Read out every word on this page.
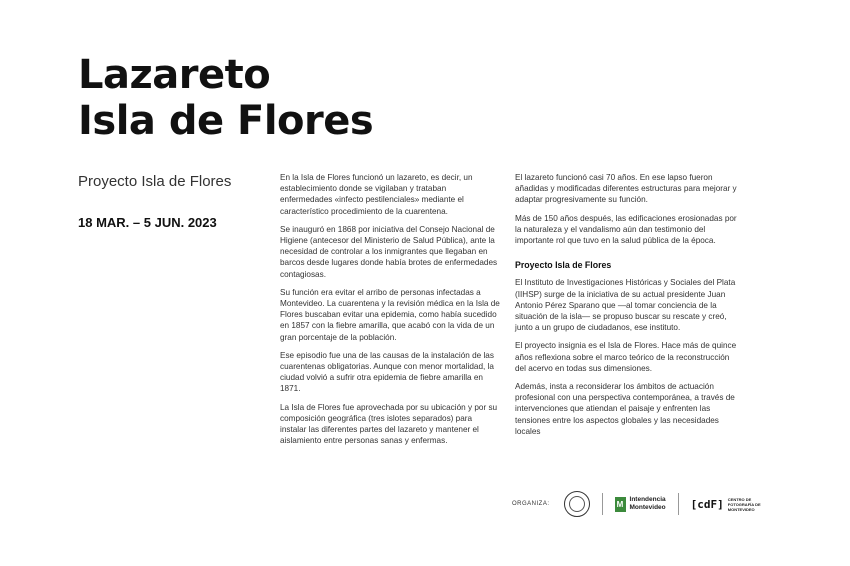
Lazareto
Isla de Flores
Proyecto Isla de Flores
18 MAR. – 5 JUN. 2023

En la Isla de Flores funcionó un lazareto, es decir, un establecimiento donde se vigilaban y trataban enfermedades «infecto pestilenciales» mediante el característico procedimiento de la cuarentena.

Se inauguró en 1868 por iniciativa del Consejo Nacional de Higiene (antecesor del Ministerio de Salud Pública), ante la necesidad de controlar a los inmigrantes que llegaban en barcos desde lugares donde había brotes de enfermedades contagiosas.

Su función era evitar el arribo de personas infectadas a Montevideo. La cuarentena y la revisión médica en la Isla de Flores buscaban evitar una epidemia, como había sucedido en 1857 con la fiebre amarilla, que acabó con la vida de un gran porcentaje de la población.

Ese episodio fue una de las causas de la instalación de las cuarentenas obligatorias. Aunque con menor mortalidad, la ciudad volvió a sufrir otra epidemia de fiebre amarilla en 1871.

La Isla de Flores fue aprovechada por su ubicación y por su composición geográfica (tres islotes separados) para instalar las diferentes partes del lazareto y mantener el aislamiento entre personas sanas y enfermas.

El lazareto funcionó casi 70 años. En ese lapso fueron añadidas y modificadas diferentes estructuras para mejorar y adaptar progresivamente su función.

Más de 150 años después, las edificaciones erosionadas por la naturaleza y el vandalismo aún dan testimonio del importante rol que tuvo en la salud pública de la época.

Proyecto Isla de Flores

El Instituto de Investigaciones Históricas y Sociales del Plata (IIHSP) surge de la iniciativa de su actual presidente Juan Antonio Pérez Sparano que —al tomar conciencia de la situación de la isla— se propuso buscar su rescate y creó, junto a un grupo de ciudadanos, ese instituto.

El proyecto insignia es el Isla de Flores. Hace más de quince años reflexiona sobre el marco teórico de la reconstrucción del acervo en todas sus dimensiones.

Además, insta a reconsiderar los ámbitos de actuación profesional con una perspectiva contemporánea, a través de intervenciones que atiendan el paisaje y enfrenten las tensiones entre los aspectos globales y las necesidades locales

ORGANIZA:	M Intendencia
Montevideo [cdF] CENTRO DE FOTOGRAFÍA DE MONTEVIDEO
